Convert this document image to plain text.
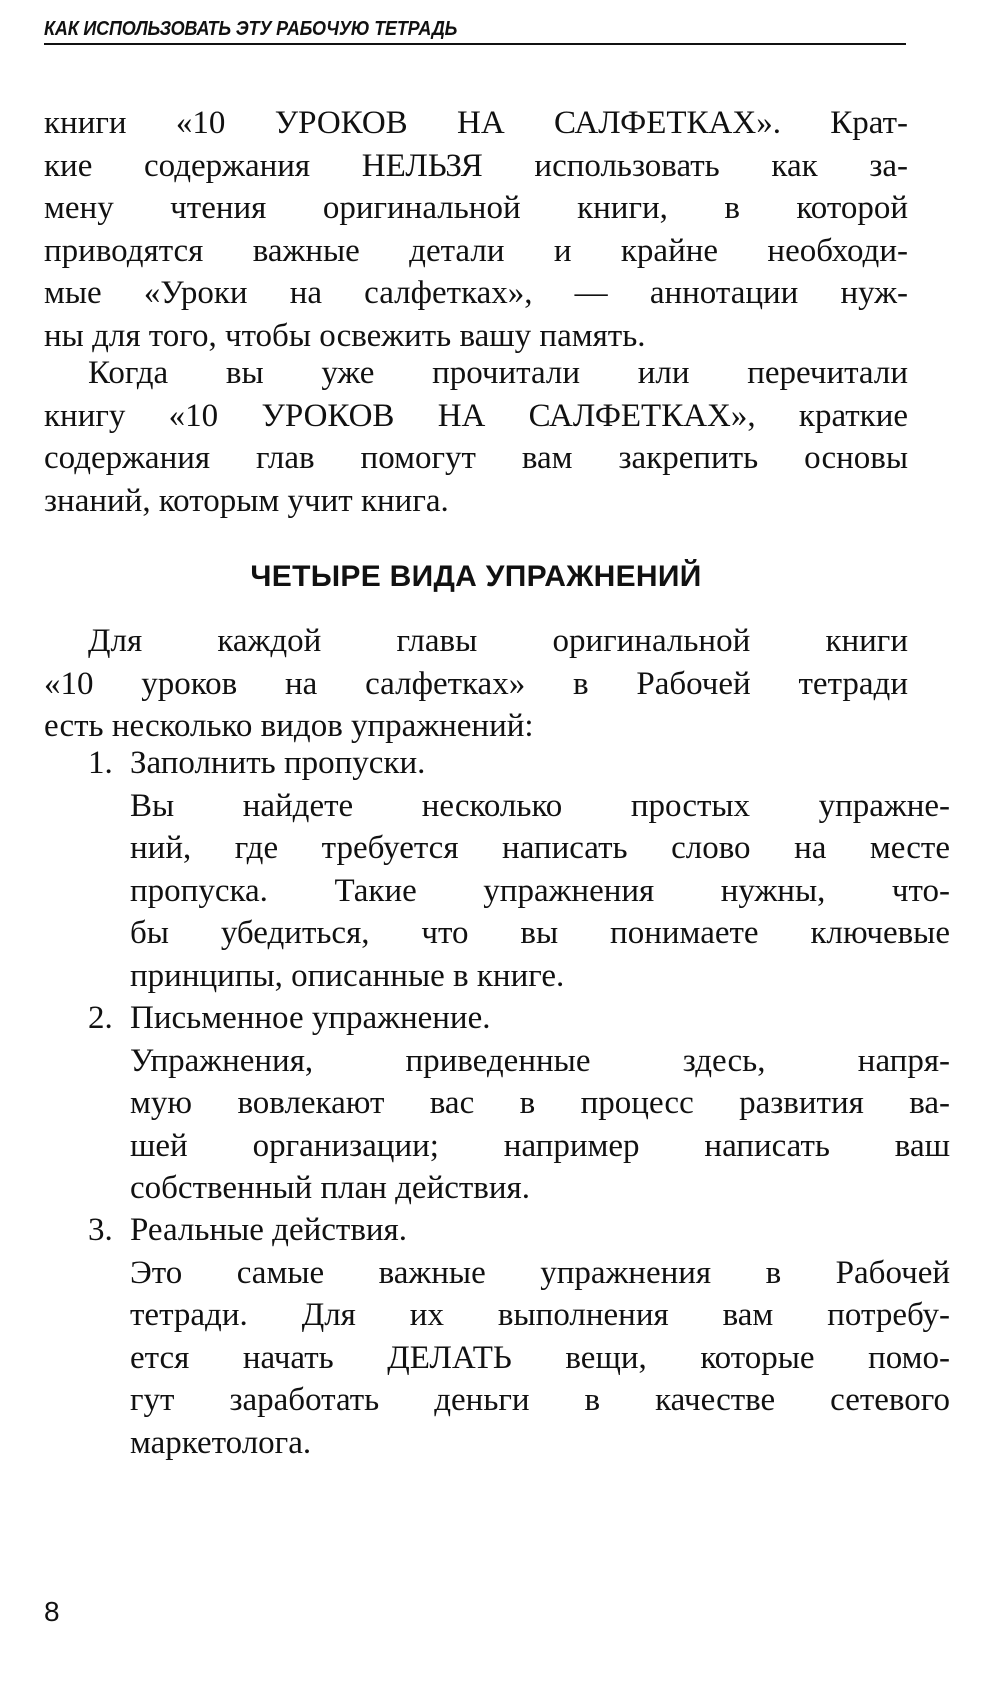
КАК ИСПОЛЬЗОВАТЬ ЭТУ РАБОЧУЮ ТЕТРАДЬ
книги «10 УРОКОВ НА САЛФЕТКАХ». Крат-
кие содержания НЕЛЬЗЯ использовать как за-
мену чтения оригинальной книги, в которой
приводятся важные детали и крайне необходи-
мые «Уроки на салфетках», — аннотации нуж-
ны для того, чтобы освежить вашу память.
Когда вы уже прочитали или перечитали
книгу «10 УРОКОВ НА САЛФЕТКАХ», краткие
содержания глав помогут вам закрепить основы
знаний, которым учит книга.
ЧЕТЫРЕ ВИДА УПРАЖНЕНИЙ
Для каждой главы оригинальной книги
«10 уроков на салфетках» в Рабочей тетради
есть несколько видов упражнений:
1. Заполнить пропуски.
Вы найдете несколько простых упражне-
ний, где требуется написать слово на месте
пропуска. Такие упражнения нужны, что-
бы убедиться, что вы понимаете ключевые
принципы, описанные в книге.
2. Письменное упражнение.
Упражнения, приведенные здесь, напря-
мую вовлекают вас в процесс развития ва-
шей организации; например написать ваш
собственный план действия.
3. Реальные действия.
Это самые важные упражнения в Рабочей
тетради. Для их выполнения вам потребу-
ется начать ДЕЛАТЬ вещи, которые помо-
гут заработать деньги в качестве сетевого
маркетолога.
8
